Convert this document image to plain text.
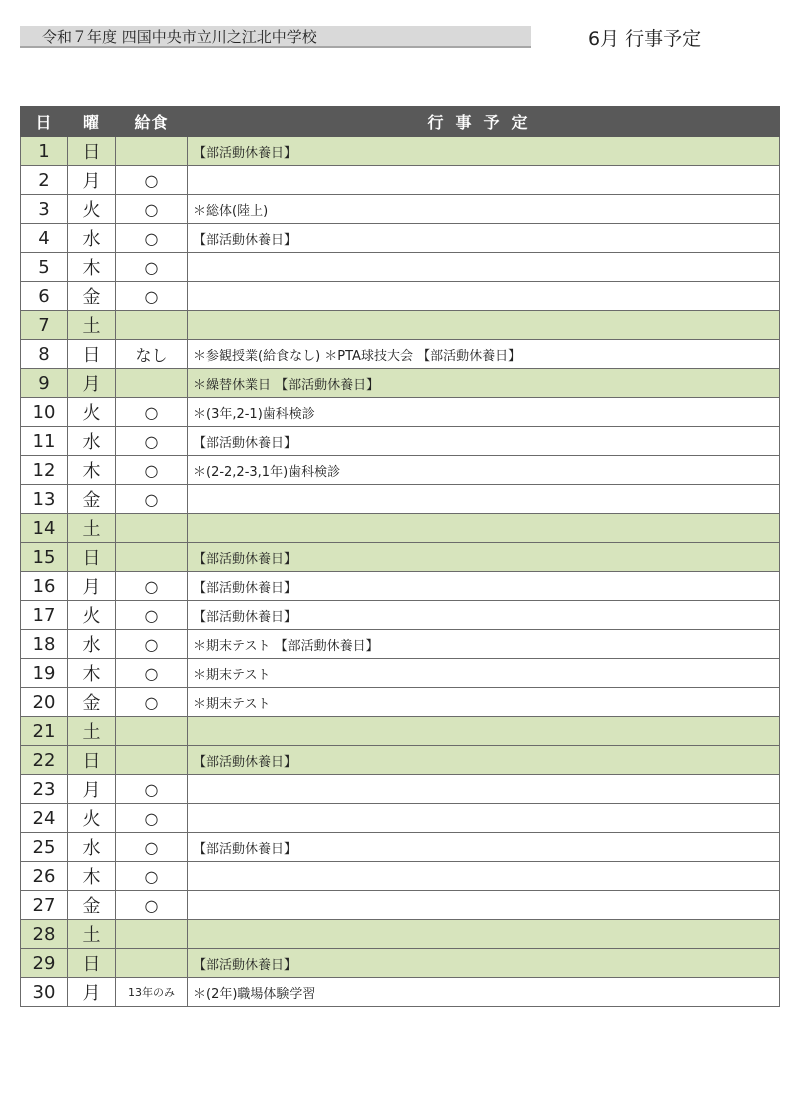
令和７年度 四国中央市立川之江北中学校	6月 行事予定
日	曜	給食	行事予定
1	日		【部活動休養日】
2	月	○	
3	火	○	＊総体(陸上)
4	水	○	【部活動休養日】
5	木	○	
6	金	○	
7	土		
8	日	なし	＊参観授業(給食なし) ＊PTA球技大会 【部活動休養日】
9	月		＊繰替休業日 【部活動休養日】
10	火	○	＊(3年,2-1)歯科検診
11	水	○	【部活動休養日】
12	木	○	＊(2-2,2-3,1年)歯科検診
13	金	○	
14	土		
15	日		【部活動休養日】
16	月	○	【部活動休養日】
17	火	○	【部活動休養日】
18	水	○	＊期末テスト 【部活動休養日】
19	木	○	＊期末テスト
20	金	○	＊期末テスト
21	土		
22	日		【部活動休養日】
23	月	○	
24	火	○	
25	水	○	【部活動休養日】
26	木	○	
27	金	○	
28	土		
29	日		【部活動休養日】
30	月	13年のみ	＊(2年)職場体験学習
